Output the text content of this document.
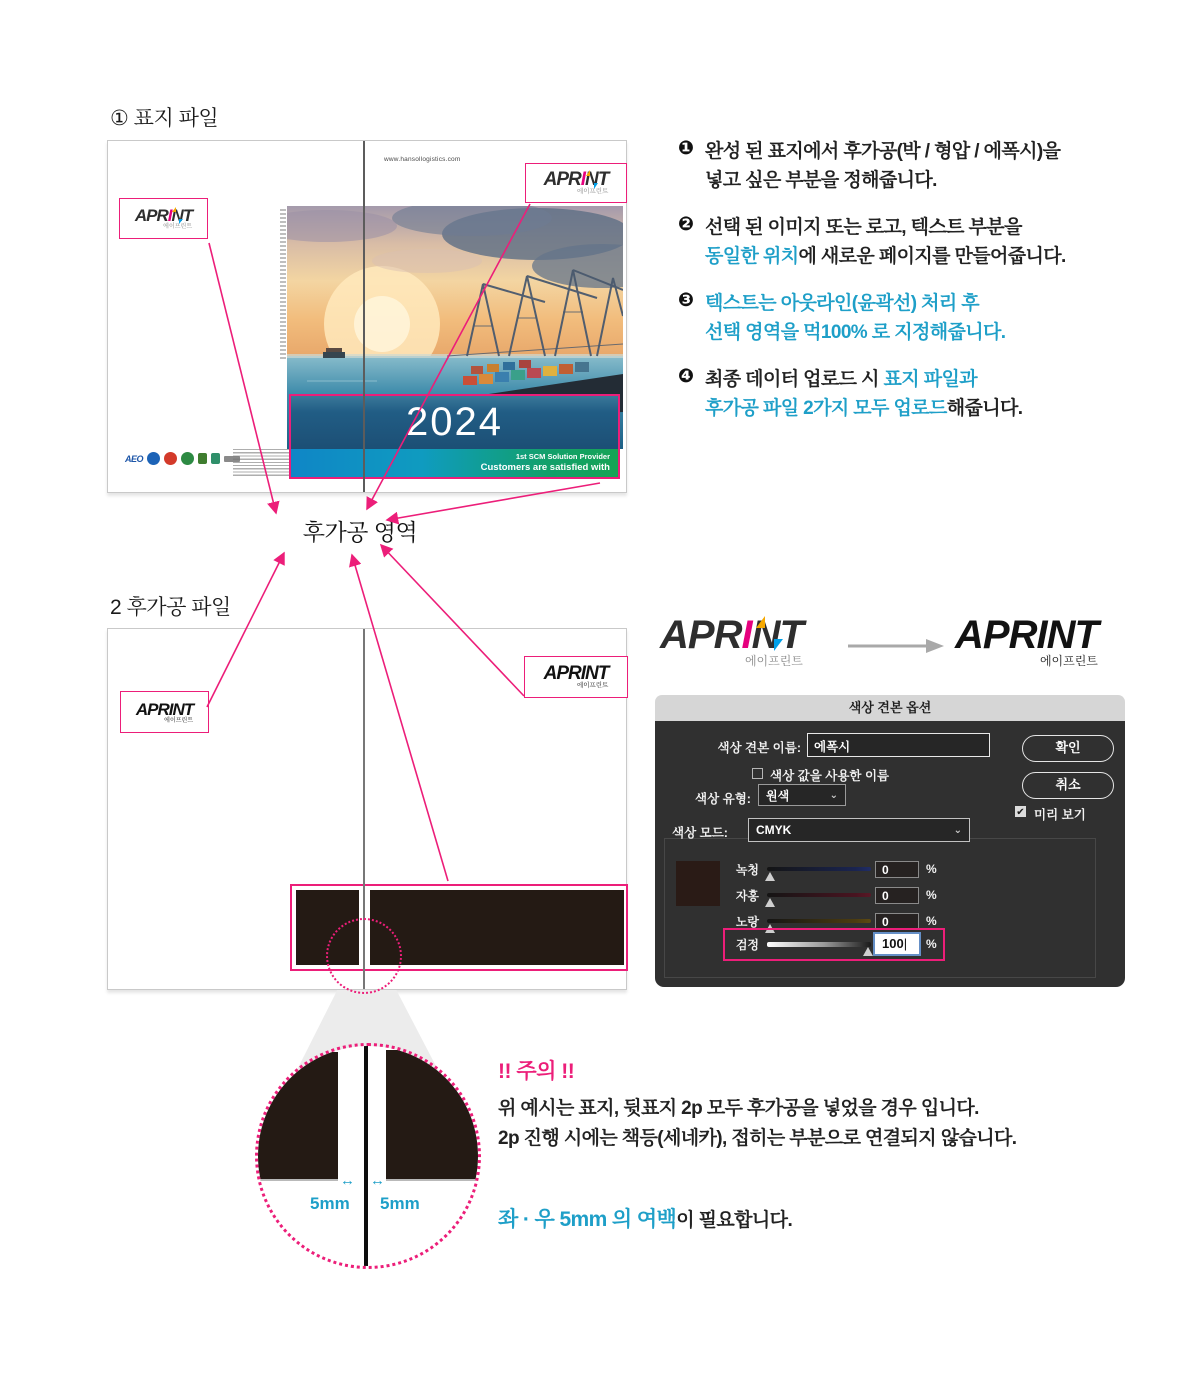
① 표지 파일
APRINT
에이프린트
www.hansollogistics.com
APRINT
에이프린트
2024
1st SCM Solution Provider
Customers are satisfied with
AEO
❶ 완성 된 표지에서 후가공(박 / 형압 / 에폭시)을
넣고 싶은 부분을 정해줍니다.
❷ 선택 된 이미지 또는 로고, 텍스트 부분을
동일한 위치에 새로운 페이지를 만들어줍니다.
❸ 텍스트는 아웃라인(윤곽선) 처리 후
선택 영역을 먹100% 로 지정해줍니다.
❹ 최종 데이터 업로드 시 표지 파일과
후가공 파일 2가지 모두 업로드해줍니다.
후가공 영역
2 후가공 파일
APRINT
에이프린트
APRINT
에이프린트
↔ ↔
5mm 5mm
!! 주의 !!
위 예시는 표지, 뒷표지 2p 모두 후가공을 넣었을 경우 입니다.
2p 진행 시에는 책등(세네카), 접히는 부분으로 연결되지 않습니다.
좌 · 우 5mm 의 여백이 필요합니다.
APRINT
에이프린트
APRINT
에이프린트
색상 견본 옵션
색상 견본 이름:	에폭시
색상 값을 사용한 이름
색상 유형: 원색	⌄
확인
취소
✔ 미리 보기
색상 모드: CMYK	⌄
녹청	0	%
자홍	0	%
노랑	0	%
검정	100|	%
